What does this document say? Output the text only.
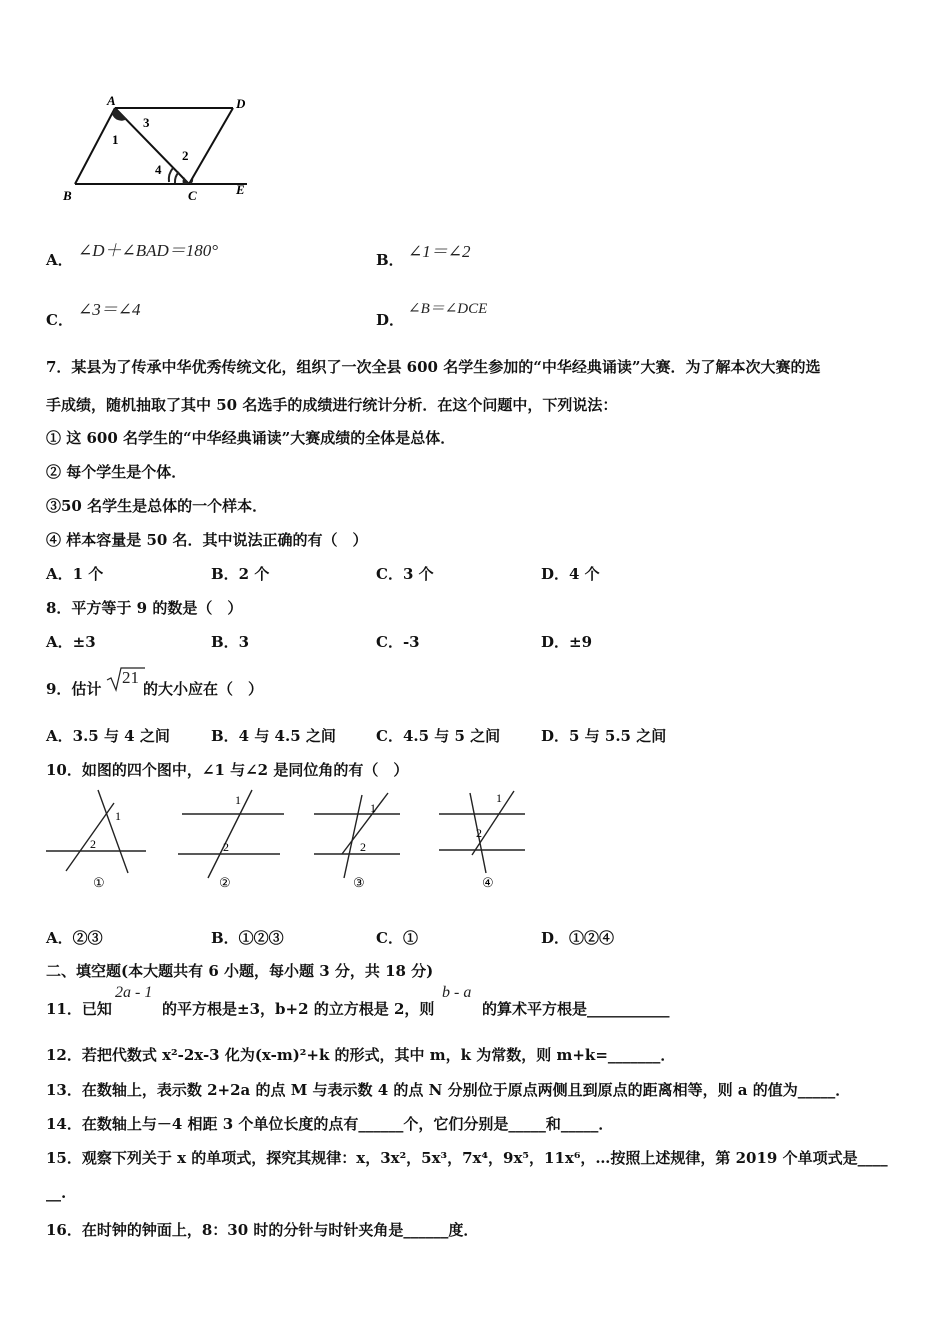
A	D
B	C	E
1
3
2
4
A． ∠D＋∠BAD＝180°	B． ∠1＝∠2
C．
∠3＝∠4
D．
∠B＝∠DCE
7．某县为了传承中华优秀传统文化，组织了一次全县 600 名学生参加的“中华经典诵读”大赛．为了解本次大赛的选
手成绩，随机抽取了其中 50 名选手的成绩进行统计分析．在这个问题中，下列说法：
① 这 600 名学生的“中华经典诵读”大赛成绩的全体是总体．
② 每个学生是个体．
③50 名学生是总体的一个样本．
④ 样本容量是 50 名．其中说法正确的有（　）
A．1 个	B．2 个	C．3 个	D．4 个
8．平方等于 9 的数是（　）
A．±3	B．3	C．-3	D．±9
9．估计
21
的大小应在（　）
A．3.5 与 4 之间	B．4 与 4.5 之间	C．4.5 与 5 之间	D．5 与 5.5 之间
10．如图的四个图中，∠1 与∠2 是同位角的有（　）
1
2
①
1
2
②
1
2
③
1
2
④
A．②③	B．①②③	C．①	D．①②④
二、填空题(本大题共有 6 小题，每小题 3 分，共 18 分)
11．已知
2a - 1
的平方根是±3，b+2 的立方根是 2，则
b - a
的算术平方根是___________
12．若把代数式 x²-2x-3 化为(x-m)²+k 的形式，其中 m，k 为常数，则 m+k=_______．
13．在数轴上，表示数 2+2a 的点 M 与表示数 4 的点 N 分别位于原点两侧且到原点的距离相等，则 a 的值为_____．
14．在数轴上与－4 相距 3 个单位长度的点有______个，它们分别是_____和_____．
15．观察下列关于 x 的单项式，探究其规律：x，3x²，5x³，7x⁴，9x⁵，11x⁶，…按照上述规律，第 2019 个单项式是____
__.
16．在时钟的钟面上，8：30 时的分针与时针夹角是______度．
